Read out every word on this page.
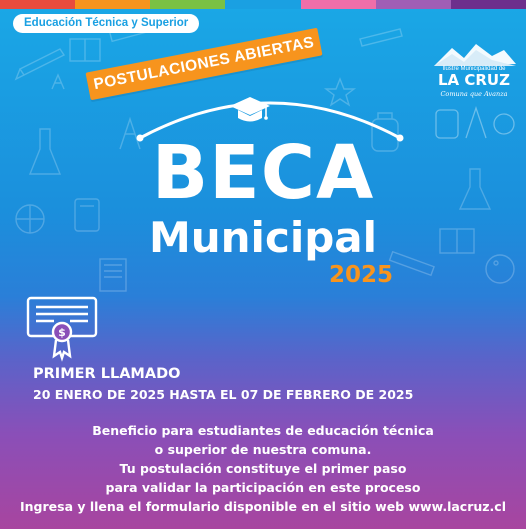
Educación Técnica y Superior
Ilustre Municipalidad de
LA CRUZ
Comuna que Avanza
POSTULACIONES ABIERTAS
BECA
Municipal
2025
$
PRIMER LLAMADO
20 ENERO DE 2025 HASTA EL 07 DE FEBRERO DE 2025
Beneficio para estudiantes de educación técnica
o superior de nuestra comuna.
Tu postulación constituye el primer paso
para validar la participación en este proceso
Ingresa y llena el formulario disponible en el sitio web www.lacruz.cl
